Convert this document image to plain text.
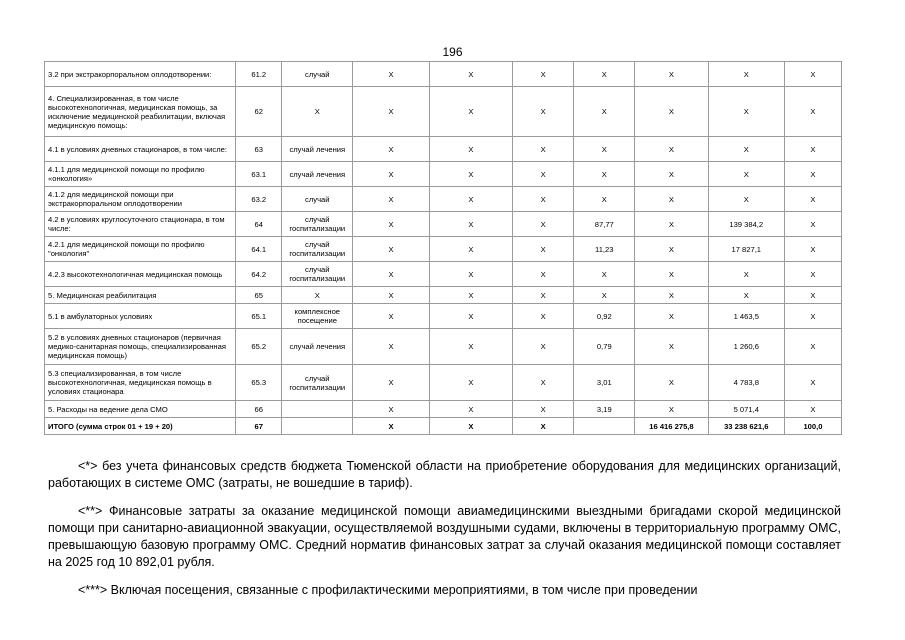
196
3.2 при экстракорпоральном оплодотворении:	61.2	случай	Х	Х	Х	Х	Х	Х	Х
4. Специализированная, в том числе высокотехнологичная, медицинская помощь, за исключение медицинской реабилитации, включая медицинскую помощь:	62	Х	Х	Х	Х	Х	Х	Х	Х
4.1 в условиях дневных стационаров, в том числе:	63	случай лечения	Х	Х	Х	Х	Х	Х	Х
4.1.1 для медицинской помощи по профилю «онкология»	63.1	случай лечения	Х	Х	Х	Х	Х	Х	Х
4.1.2 для медицинской помощи при экстракорпоральном оплодотворении	63.2	случай	Х	Х	Х	Х	Х	Х	Х
4.2 в условиях круглосуточного стационара, в том числе:	64	случай госпитализации	Х	Х	Х	87,77	Х	139 384,2	Х
4.2.1 для медицинской помощи по профилю "онкология"	64.1	случай госпитализации	Х	Х	Х	11,23	Х	17 827,1	Х
4.2.3 высокотехнологичная медицинская помощь	64.2	случай госпитализации	Х	Х	Х	Х	Х	Х	Х
5. Медицинская реабилитация	65	Х	Х	Х	Х	Х	Х	Х	Х
5.1 в амбулаторных условиях	65.1	комплексное посещение	Х	Х	Х	0,92	Х	1 463,5	Х
5.2 в условиях дневных стационаров (первичная медико-санитарная помощь, специализированная медицинская помощь)	65.2	случай лечения	Х	Х	Х	0,79	Х	1 260,6	Х
5.3 специализированная, в том числе высокотехнологичная, медицинская помощь в условиях стационара	65.3	случай госпитализации	Х	Х	Х	3,01	Х	4 783,8	Х
5. Расходы на ведение дела СМО	66		Х	Х	Х	3,19	Х	5 071,4	Х
ИТОГО (сумма строк 01 + 19 + 20)	67		Х	Х	Х		16 416 275,8	33 238 621,6	100,0

<*> без учета финансовых средств бюджета Тюменской области на приобретение оборудования для медицинских организаций, работающих в системе ОМС (затраты, не вошедшие в тариф).

<**> Финансовые затраты за оказание медицинской помощи авиамедицинскими выездными бригадами скорой медицинской помощи при санитарно-авиационной эвакуации, осуществляемой воздушными судами, включены в территориальную программу ОМС, превышающую базовую программу ОМС. Средний норматив финансовых затрат за случай оказания медицинской помощи составляет на 2025 год 10 892,01 рубля.

<***> Включая посещения, связанные с профилактическими мероприятиями, в том числе при проведении
